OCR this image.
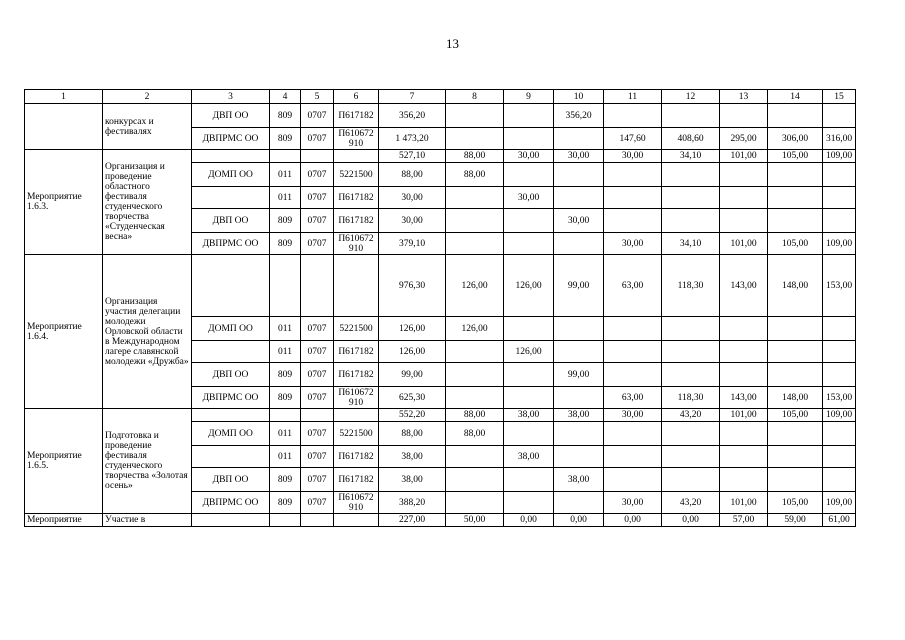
13
1	2	3	4	5	6	7	8	9	10	11	12	13	14	15
	конкурсах и фестивалях	ДВП ОО	809	0707	П617182	356,20			356,20					
		ДВПРМС ОО	809	0707	П610672910	1 473,20				147,60	408,60	295,00	306,00	316,00
Мероприятие 1.6.3.	Организация и проведение областного фестиваля студенческого творчества «Студенческая весна»					527,10	88,00	30,00	30,00	30,00	34,10	101,00	105,00	109,00
		ДОМП ОО	011	0707	5221500	88,00	88,00							
			011	0707	П617182	30,00		30,00						
		ДВП ОО	809	0707	П617182	30,00			30,00					
		ДВПРМС ОО	809	0707	П610672910	379,10				30,00	34,10	101,00	105,00	109,00
Мероприятие 1.6.4.	Организация участия делегации молодежи Орловской области в Международном лагере славянской молодежи «Дружба»					976,30	126,00	126,00	99,00	63,00	118,30	143,00	148,00	153,00
		ДОМП ОО	011	0707	5221500	126,00	126,00							
			011	0707	П617182	126,00		126,00						
		ДВП ОО	809	0707	П617182	99,00			99,00					
		ДВПРМС ОО	809	0707	П610672910	625,30				63,00	118,30	143,00	148,00	153,00
Мероприятие 1.6.5.	Подготовка и проведение фестиваля студенческого творчества «Золотая осень»					552,20	88,00	38,00	38,00	30,00	43,20	101,00	105,00	109,00
		ДОМП ОО	011	0707	5221500	88,00	88,00							
			011	0707	П617182	38,00		38,00						
		ДВП ОО	809	0707	П617182	38,00			38,00					
		ДВПРМС ОО	809	0707	П610672910	388,20				30,00	43,20	101,00	105,00	109,00
Мероприятие	Участие в					227,00	50,00	0,00	0,00	0,00	0,00	57,00	59,00	61,00
